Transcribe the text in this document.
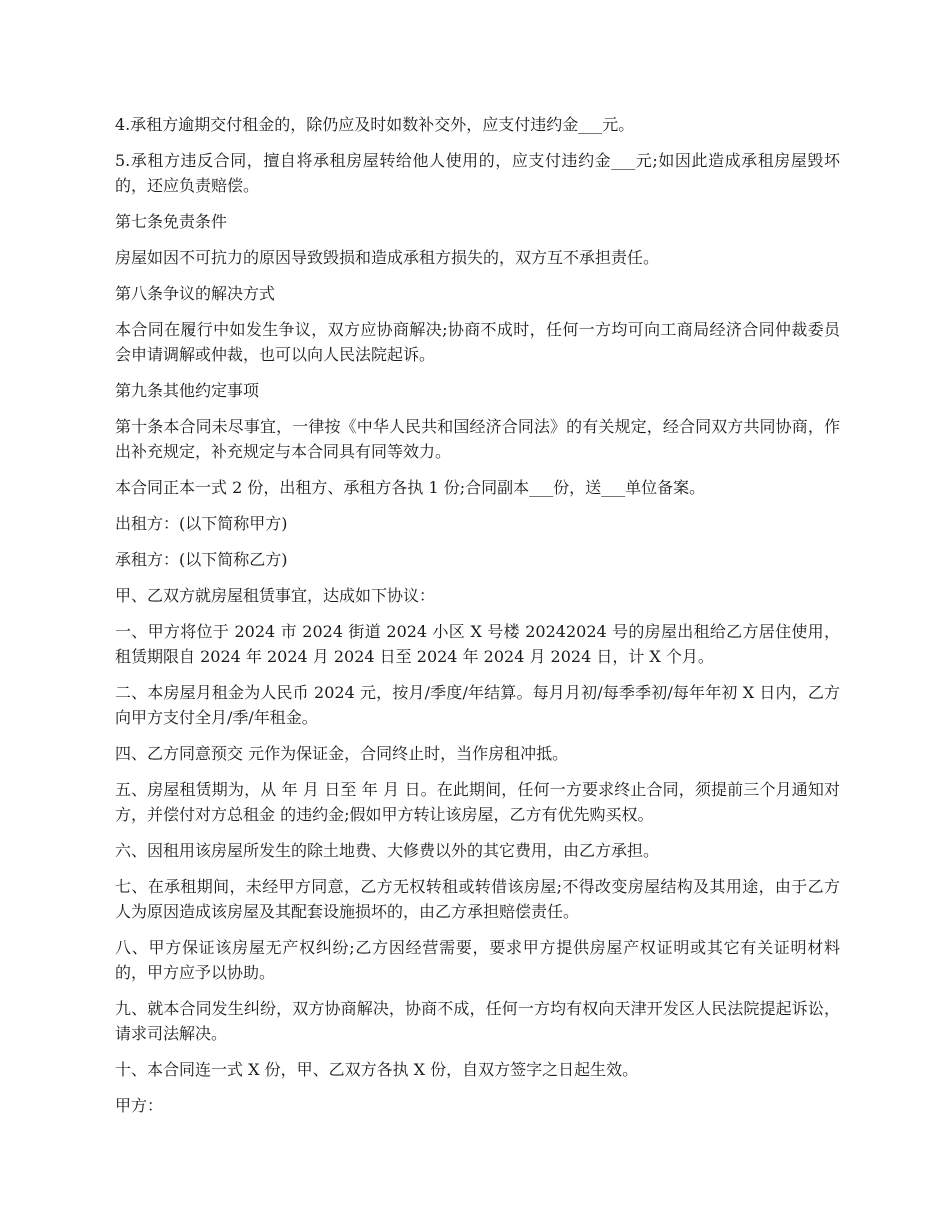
4.承租方逾期交付租金的，除仍应及时如数补交外，应支付违约金___元。

5.承租方违反合同，擅自将承租房屋转给他人使用的，应支付违约金___元;如因此造成承租房屋毁坏的，还应负责赔偿。

第七条免责条件

房屋如因不可抗力的原因导致毁损和造成承租方损失的，双方互不承担责任。

第八条争议的解决方式

本合同在履行中如发生争议，双方应协商解决;协商不成时，任何一方均可向工商局经济合同仲裁委员会申请调解或仲裁，也可以向人民法院起诉。

第九条其他约定事项

第十条本合同未尽事宜，一律按《中华人民共和国经济合同法》的有关规定，经合同双方共同协商，作出补充规定，补充规定与本合同具有同等效力。

本合同正本一式 2 份，出租方、承租方各执 1 份;合同副本___份，送___单位备案。

出租方：(以下简称甲方)

承租方：(以下简称乙方)

甲、乙双方就房屋租赁事宜，达成如下协议：

一、甲方将位于 2024 市 2024 街道 2024 小区 X 号楼 20242024 号的房屋出租给乙方居住使用，租赁期限自 2024 年 2024 月 2024 日至 2024 年 2024 月 2024 日，计 X 个月。

二、本房屋月租金为人民币 2024 元，按月/季度/年结算。每月月初/每季季初/每年年初 X 日内，乙方向甲方支付全月/季/年租金。

四、乙方同意预交 元作为保证金，合同终止时，当作房租冲抵。

五、房屋租赁期为，从 年 月 日至 年 月 日。在此期间，任何一方要求终止合同，须提前三个月通知对方，并偿付对方总租金 的违约金;假如甲方转让该房屋，乙方有优先购买权。

六、因租用该房屋所发生的除土地费、大修费以外的其它费用，由乙方承担。

七、在承租期间，未经甲方同意，乙方无权转租或转借该房屋;不得改变房屋结构及其用途，由于乙方人为原因造成该房屋及其配套设施损坏的，由乙方承担赔偿责任。

八、甲方保证该房屋无产权纠纷;乙方因经营需要，要求甲方提供房屋产权证明或其它有关证明材料的，甲方应予以协助。

九、就本合同发生纠纷，双方协商解决，协商不成，任何一方均有权向天津开发区人民法院提起诉讼，请求司法解决。

十、本合同连一式 X 份，甲、乙双方各执 X 份，自双方签字之日起生效。

甲方：
